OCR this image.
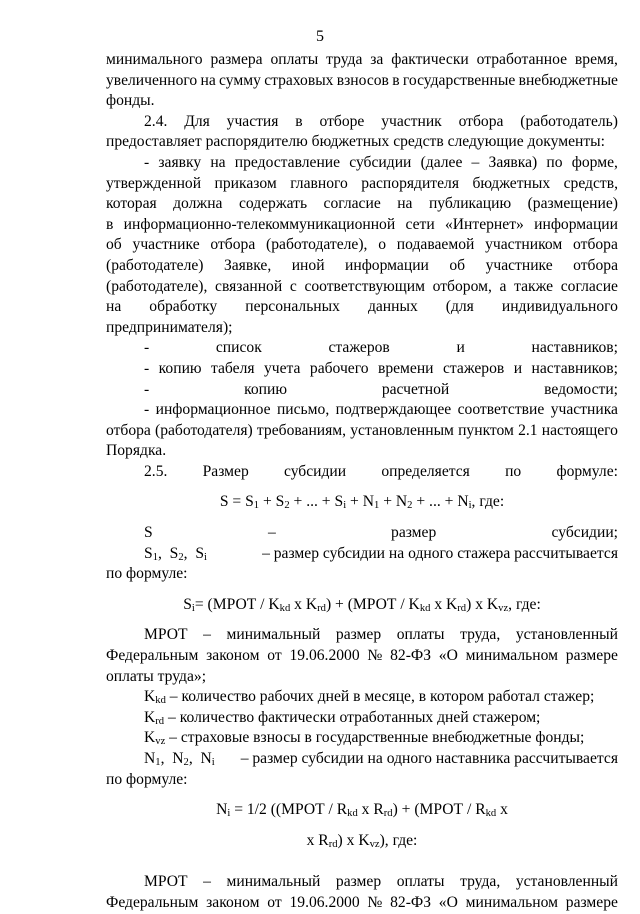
5
минимального размера оплаты труда за фактически отработанное время,
увеличенного на сумму страховых взносов в государственные внебюджетные
фонды.
2.4. Для участия в отборе участник отбора (работодатель)
предоставляет распорядителю бюджетных средств следующие документы:
- заявку на предоставление субсидии (далее – Заявка) по форме,
утвержденной приказом главного распорядителя бюджетных средств,
которая должна содержать согласие на публикацию (размещение)
в информационно-телекоммуникационной сети «Интернет» информации
об участнике отбора (работодателе), о подаваемой участником отбора
(работодателе) Заявке, иной информации об участнике отбора
(работодателе), связанной с соответствующим отбором, а также согласие
на обработку персональных данных (для индивидуального
предпринимателя);
-	список	стажеров	и	наставников;
- копию табеля учета рабочего времени стажеров и наставников;
-	копию	расчетной	ведомости;
- информационное письмо, подтверждающее соответствие участника
отбора (работодателя) требованиям, установленным пунктом 2.1 настоящего
Порядка.
2.5. Размер субсидии определяется по формуле:
$S = S_1 + S_2$ + ... + $S_i + N_1 + N_2$ + ... + $N_i$, где:
S	–	размер	субсидии;
$S_1$,  $S_2$,  $S_i$	– размер субсидии на одного стажера рассчитывается
по формуле:
$S_i=$ (МРОТ / $K_{kd}$ x $K_{rd}$) + (МРОТ / $K_{kd}$ x $K_{rd}$) x $K_{vz}$, где:
МРОТ – минимальный размер оплаты труда, установленный
Федеральным законом от 19.06.2000 № 82-ФЗ «О минимальном размере
оплаты труда»;
$K_{kd}$ – количество рабочих дней в месяце, в котором работал стажер;
$K_{rd}$ – количество фактически отработанных дней стажером;
$K_{vz}$ – страховые взносы в государственные внебюджетные фонды;
$N_1$,  $N_2$,  $N_i$	– размер субсидии на одного наставника рассчитывается
по формуле:
$N_i = 1/2$ ((МРОТ / $R_{kd}$ x $R_{rd}$) + (МРОТ / $R_{kd}$ x
x $R_{rd}$) x $K_{vz}$), где:
МРОТ – минимальный размер оплаты труда, установленный
Федеральным законом от 19.06.2000 № 82-ФЗ «О минимальном размере
